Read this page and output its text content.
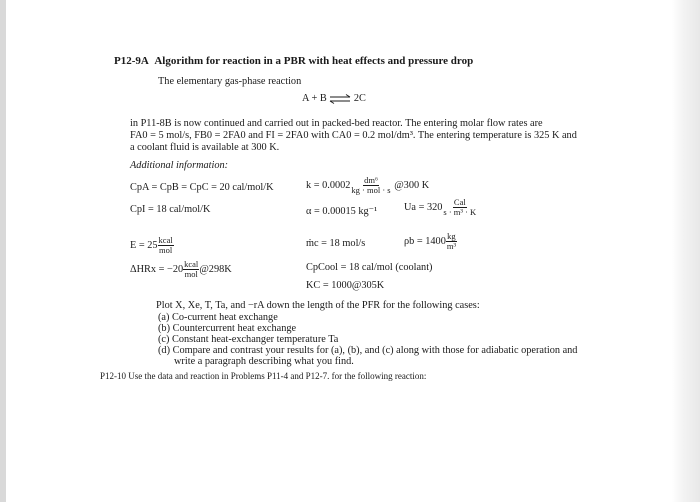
P12-9A Algorithm for reaction in a PBR with heat effects and pressure drop
The elementary gas-phase reaction
A + B ⇌ 2C
in P11-8B is now continued and carried out in packed-bed reactor. The entering molar flow rates are
FA0 = 5 mol/s, FB0 = 2FA0 and FI = 2FA0 with CA0 = 0.2 mol/dm³. The entering temperature is 325 K and
a coolant fluid is available at 300 K.
Additional information:
CpA = CpB = CpC = 20 cal/mol/K
CpI = 18 cal/mol/K
$E = 25 \frac{\text{kcal}}{\text{mol}}$
$\Delta HRx = -20 \frac{\text{kcal}}{\text{mol}}$ @298K
$k = 0.0002 \frac{\text{dm⁶}}{\text{kg · mol · s}}$ @300 K
α = 0.00015 kg⁻¹	$Ua = 320 \frac{\text{Cal}}{\text{s · m³ · K}}$
ṁc = 18 mol/s	$\rho b = 1400 \frac{kg}{\text{m³}}$
CpCool = 18 cal/mol (coolant)
KC = 1000@305K
Plot X, Xe, T, Ta, and −rA down the length of the PFR for the following cases:
(a) Co-current heat exchange
(b) Countercurrent heat exchange
(c) Constant heat-exchanger temperature Ta
(d) Compare and contrast your results for (a), (b), and (c) along with those for adiabatic operation and
write a paragraph describing what you find.
P12-10 Use the data and reaction in Problems P11-4 and P12-7. for the following reaction:
